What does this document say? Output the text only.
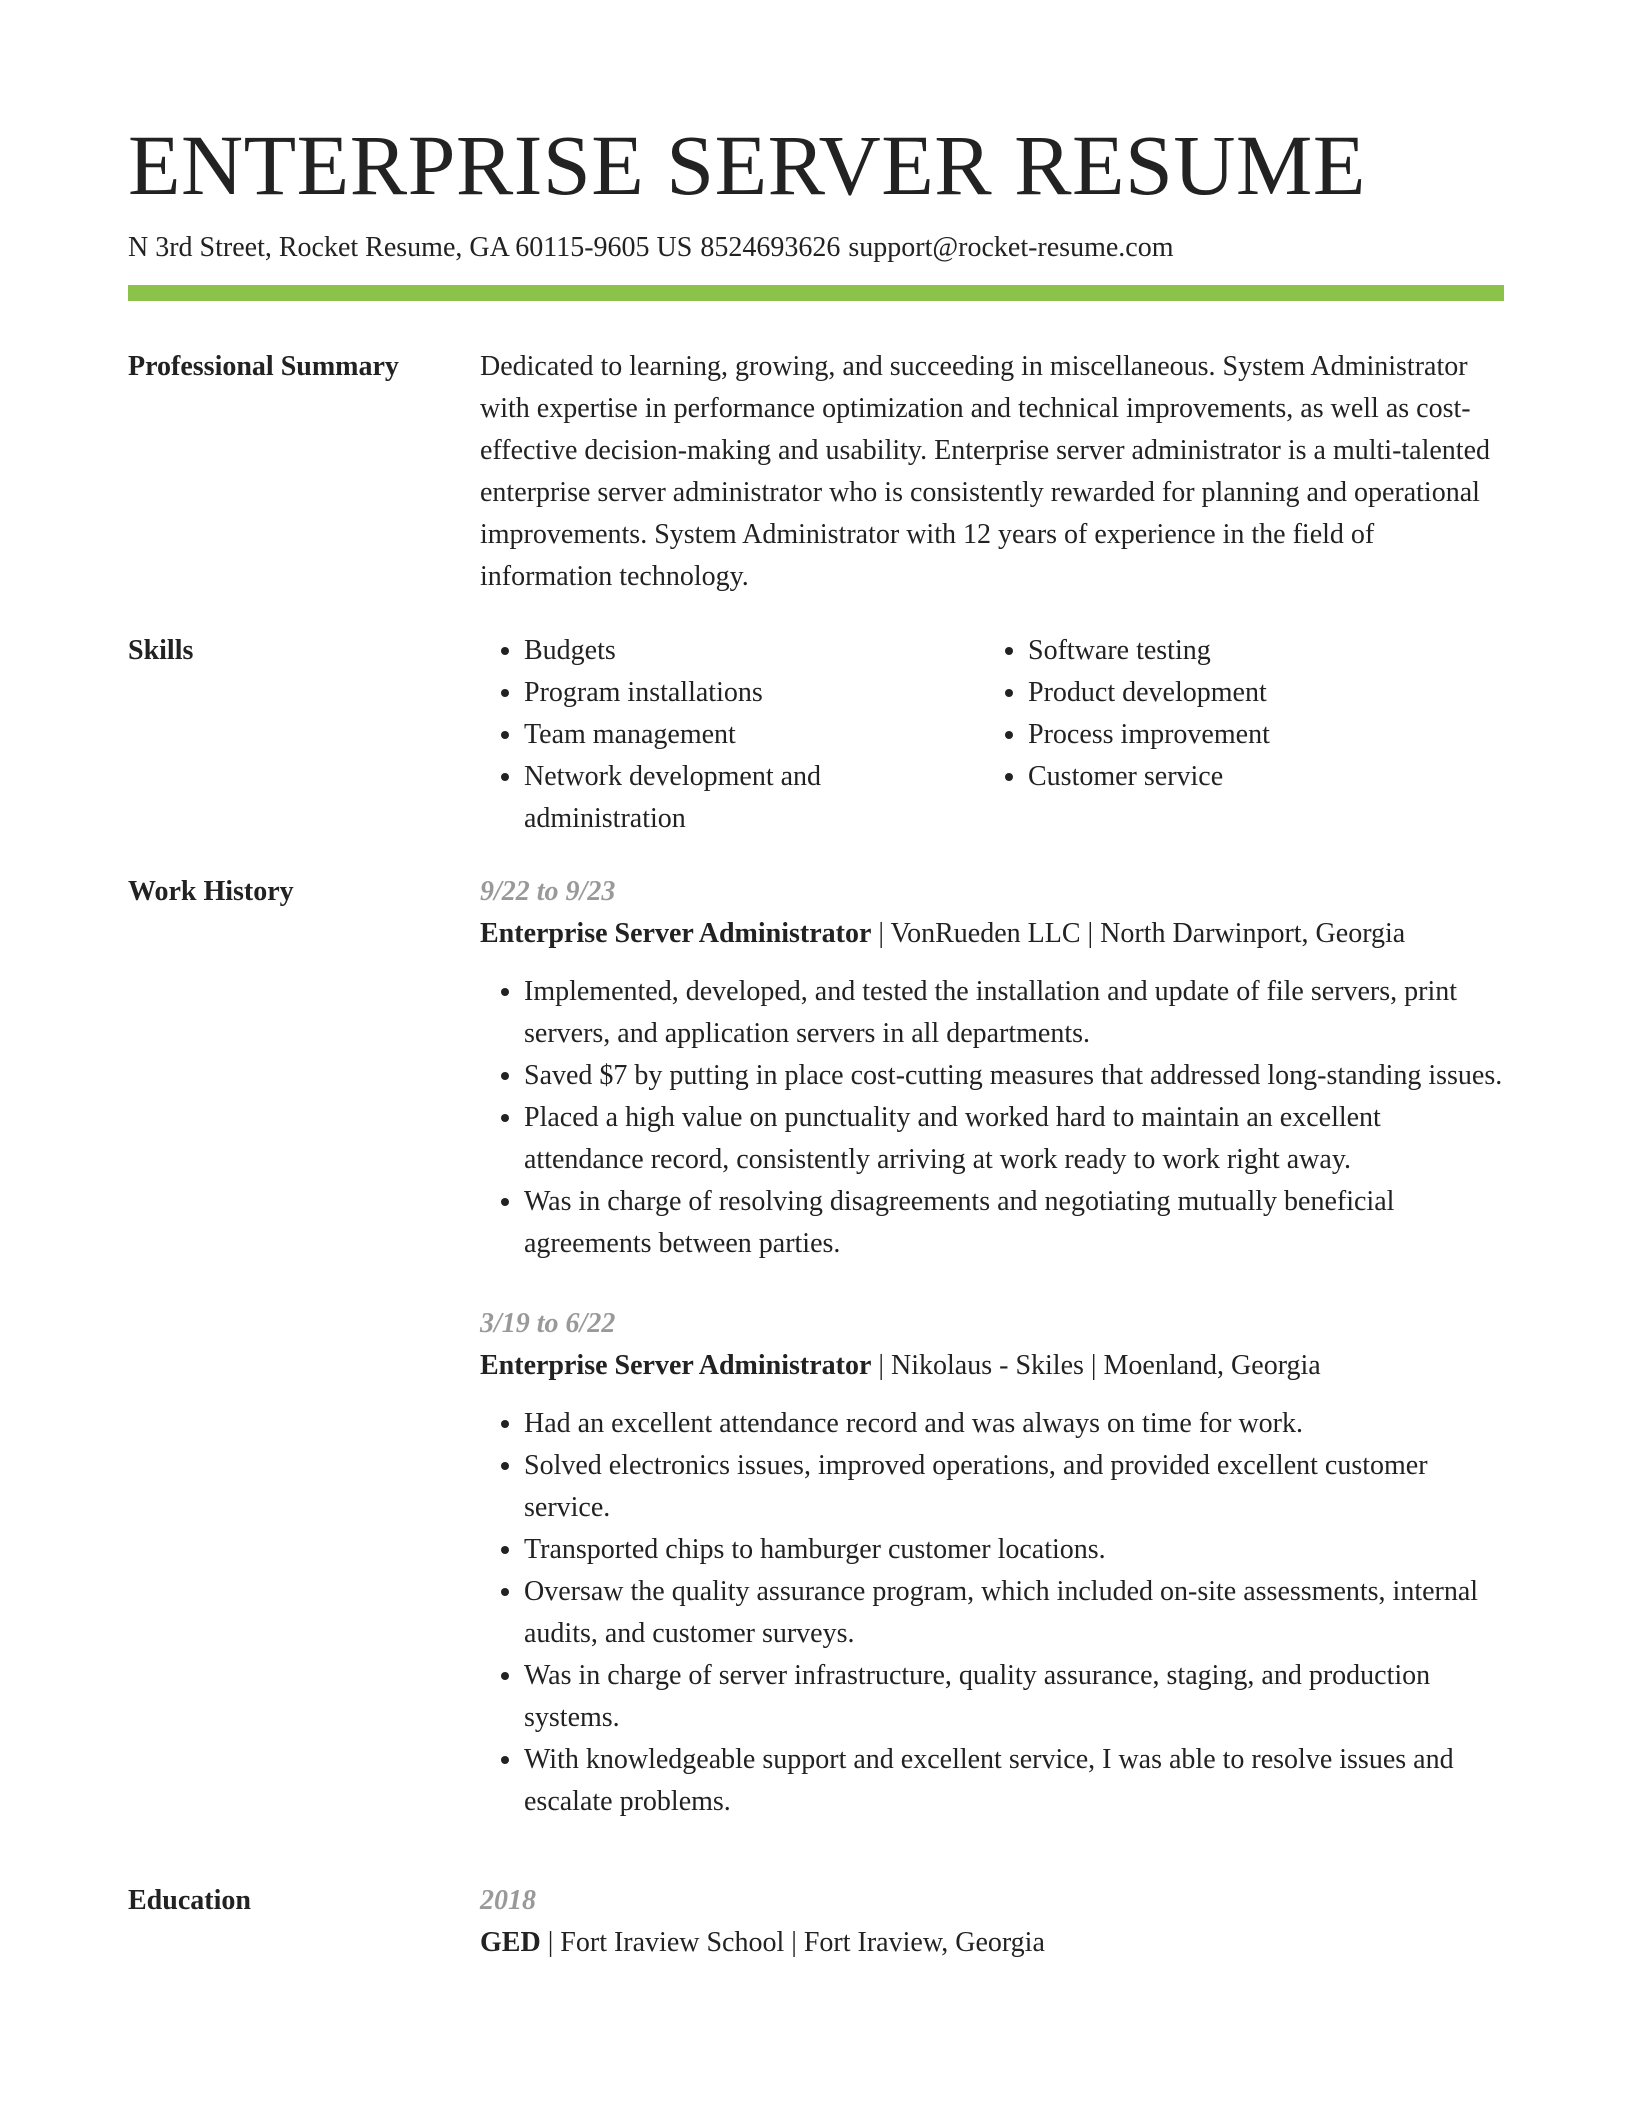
ENTERPRISE SERVER RESUME
N 3rd Street, Rocket Resume, GA 60115-9605 US 8524693626 support@rocket-resume.com
Professional Summary	Dedicated to learning, growing, and succeeding in miscellaneous. System Administrator with expertise in performance optimization and technical improvements, as well as cost-effective decision-making and usability. Enterprise server administrator is a multi-talented enterprise server administrator who is consistently rewarded for planning and operational improvements. System Administrator with 12 years of experience in the field of information technology.

Skills
•	Budgets
• Program installations
• Team management
• Network development and administration
• Software testing
• Product development
• Process improvement
• Customer service
Work History	9/22 to 9/23
Enterprise Server Administrator | VonRueden LLC | North Darwinport, Georgia
• Implemented, developed, and tested the installation and update of file servers, print servers, and application servers in all departments.
• Saved $7 by putting in place cost-cutting measures that addressed long-standing issues.
• Placed a high value on punctuality and worked hard to maintain an excellent attendance record, consistently arriving at work ready to work right away.
• Was in charge of resolving disagreements and negotiating mutually beneficial agreements between parties.
3/19 to 6/22
Enterprise Server Administrator | Nikolaus - Skiles | Moenland, Georgia
• Had an excellent attendance record and was always on time for work.
• Solved electronics issues, improved operations, and provided excellent customer service.
• Transported chips to hamburger customer locations.
• Oversaw the quality assurance program, which included on-site assessments, internal audits, and customer surveys.
• Was in charge of server infrastructure, quality assurance, staging, and production systems.
• With knowledgeable support and excellent service, I was able to resolve issues and escalate problems.
Education	2018
GED | Fort Iraview School | Fort Iraview, Georgia
